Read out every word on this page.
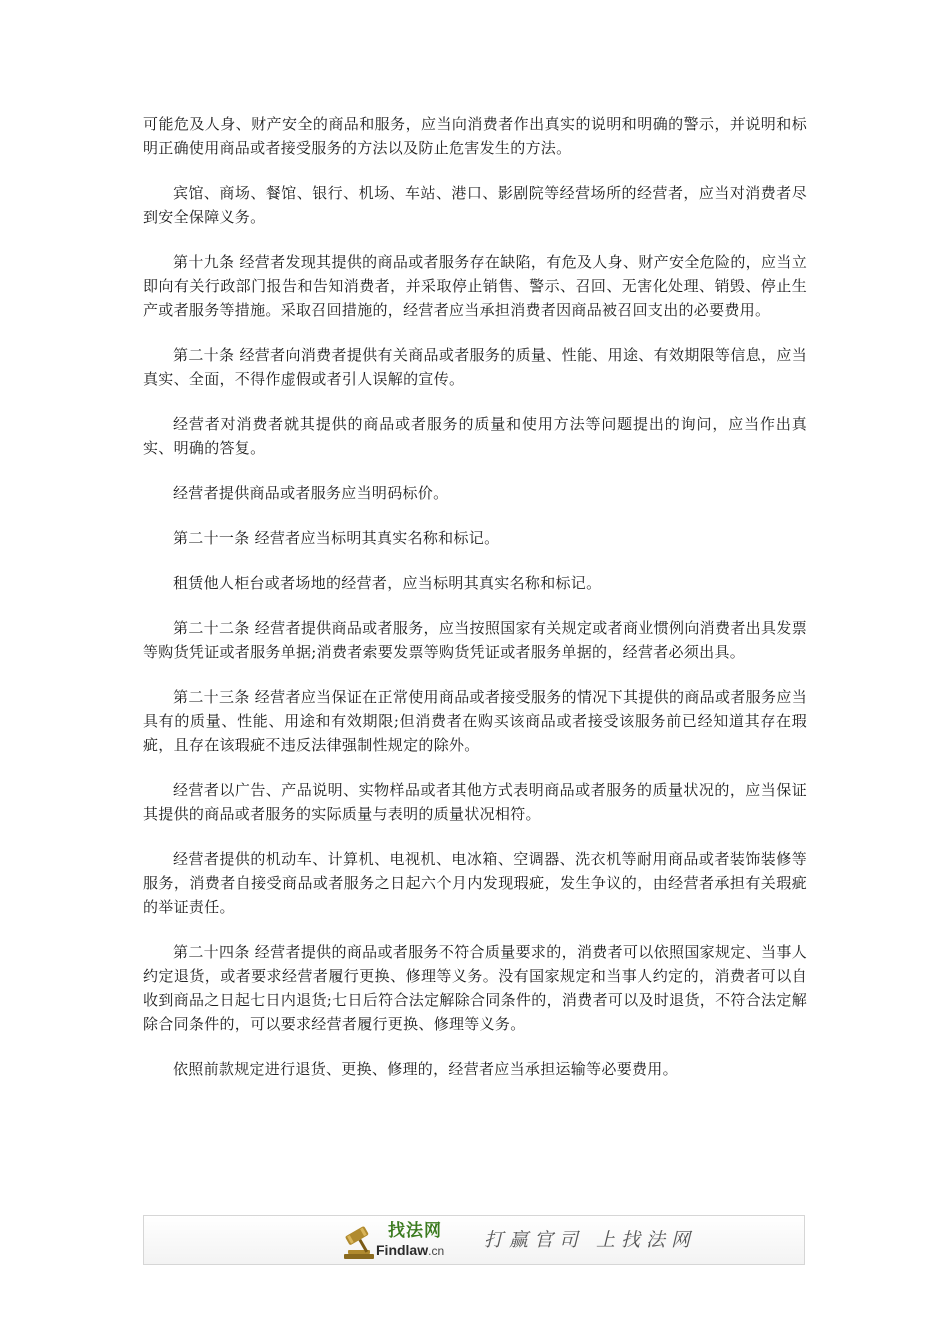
可能危及人身、财产安全的商品和服务，应当向消费者作出真实的说明和明确的警示，并说明和标明正确使用商品或者接受服务的方法以及防止危害发生的方法。

宾馆、商场、餐馆、银行、机场、车站、港口、影剧院等经营场所的经营者，应当对消费者尽到安全保障义务。

第十九条 经营者发现其提供的商品或者服务存在缺陷，有危及人身、财产安全危险的，应当立即向有关行政部门报告和告知消费者，并采取停止销售、警示、召回、无害化处理、销毁、停止生产或者服务等措施。采取召回措施的，经营者应当承担消费者因商品被召回支出的必要费用。

第二十条 经营者向消费者提供有关商品或者服务的质量、性能、用途、有效期限等信息，应当真实、全面，不得作虚假或者引人误解的宣传。

经营者对消费者就其提供的商品或者服务的质量和使用方法等问题提出的询问，应当作出真实、明确的答复。

经营者提供商品或者服务应当明码标价。

第二十一条 经营者应当标明其真实名称和标记。

租赁他人柜台或者场地的经营者，应当标明其真实名称和标记。

第二十二条 经营者提供商品或者服务，应当按照国家有关规定或者商业惯例向消费者出具发票等购货凭证或者服务单据;消费者索要发票等购货凭证或者服务单据的，经营者必须出具。

第二十三条 经营者应当保证在正常使用商品或者接受服务的情况下其提供的商品或者服务应当具有的质量、性能、用途和有效期限;但消费者在购买该商品或者接受该服务前已经知道其存在瑕疵，且存在该瑕疵不违反法律强制性规定的除外。

经营者以广告、产品说明、实物样品或者其他方式表明商品或者服务的质量状况的，应当保证其提供的商品或者服务的实际质量与表明的质量状况相符。

经营者提供的机动车、计算机、电视机、电冰箱、空调器、洗衣机等耐用商品或者装饰装修等服务，消费者自接受商品或者服务之日起六个月内发现瑕疵，发生争议的，由经营者承担有关瑕疵的举证责任。

第二十四条 经营者提供的商品或者服务不符合质量要求的，消费者可以依照国家规定、当事人约定退货，或者要求经营者履行更换、修理等义务。没有国家规定和当事人约定的，消费者可以自收到商品之日起七日内退货;七日后符合法定解除合同条件的，消费者可以及时退货，不符合法定解除合同条件的，可以要求经营者履行更换、修理等义务。

依照前款规定进行退货、更换、修理的，经营者应当承担运输等必要费用。

找法网
Findlaw.cn 打赢官司 上找法网
